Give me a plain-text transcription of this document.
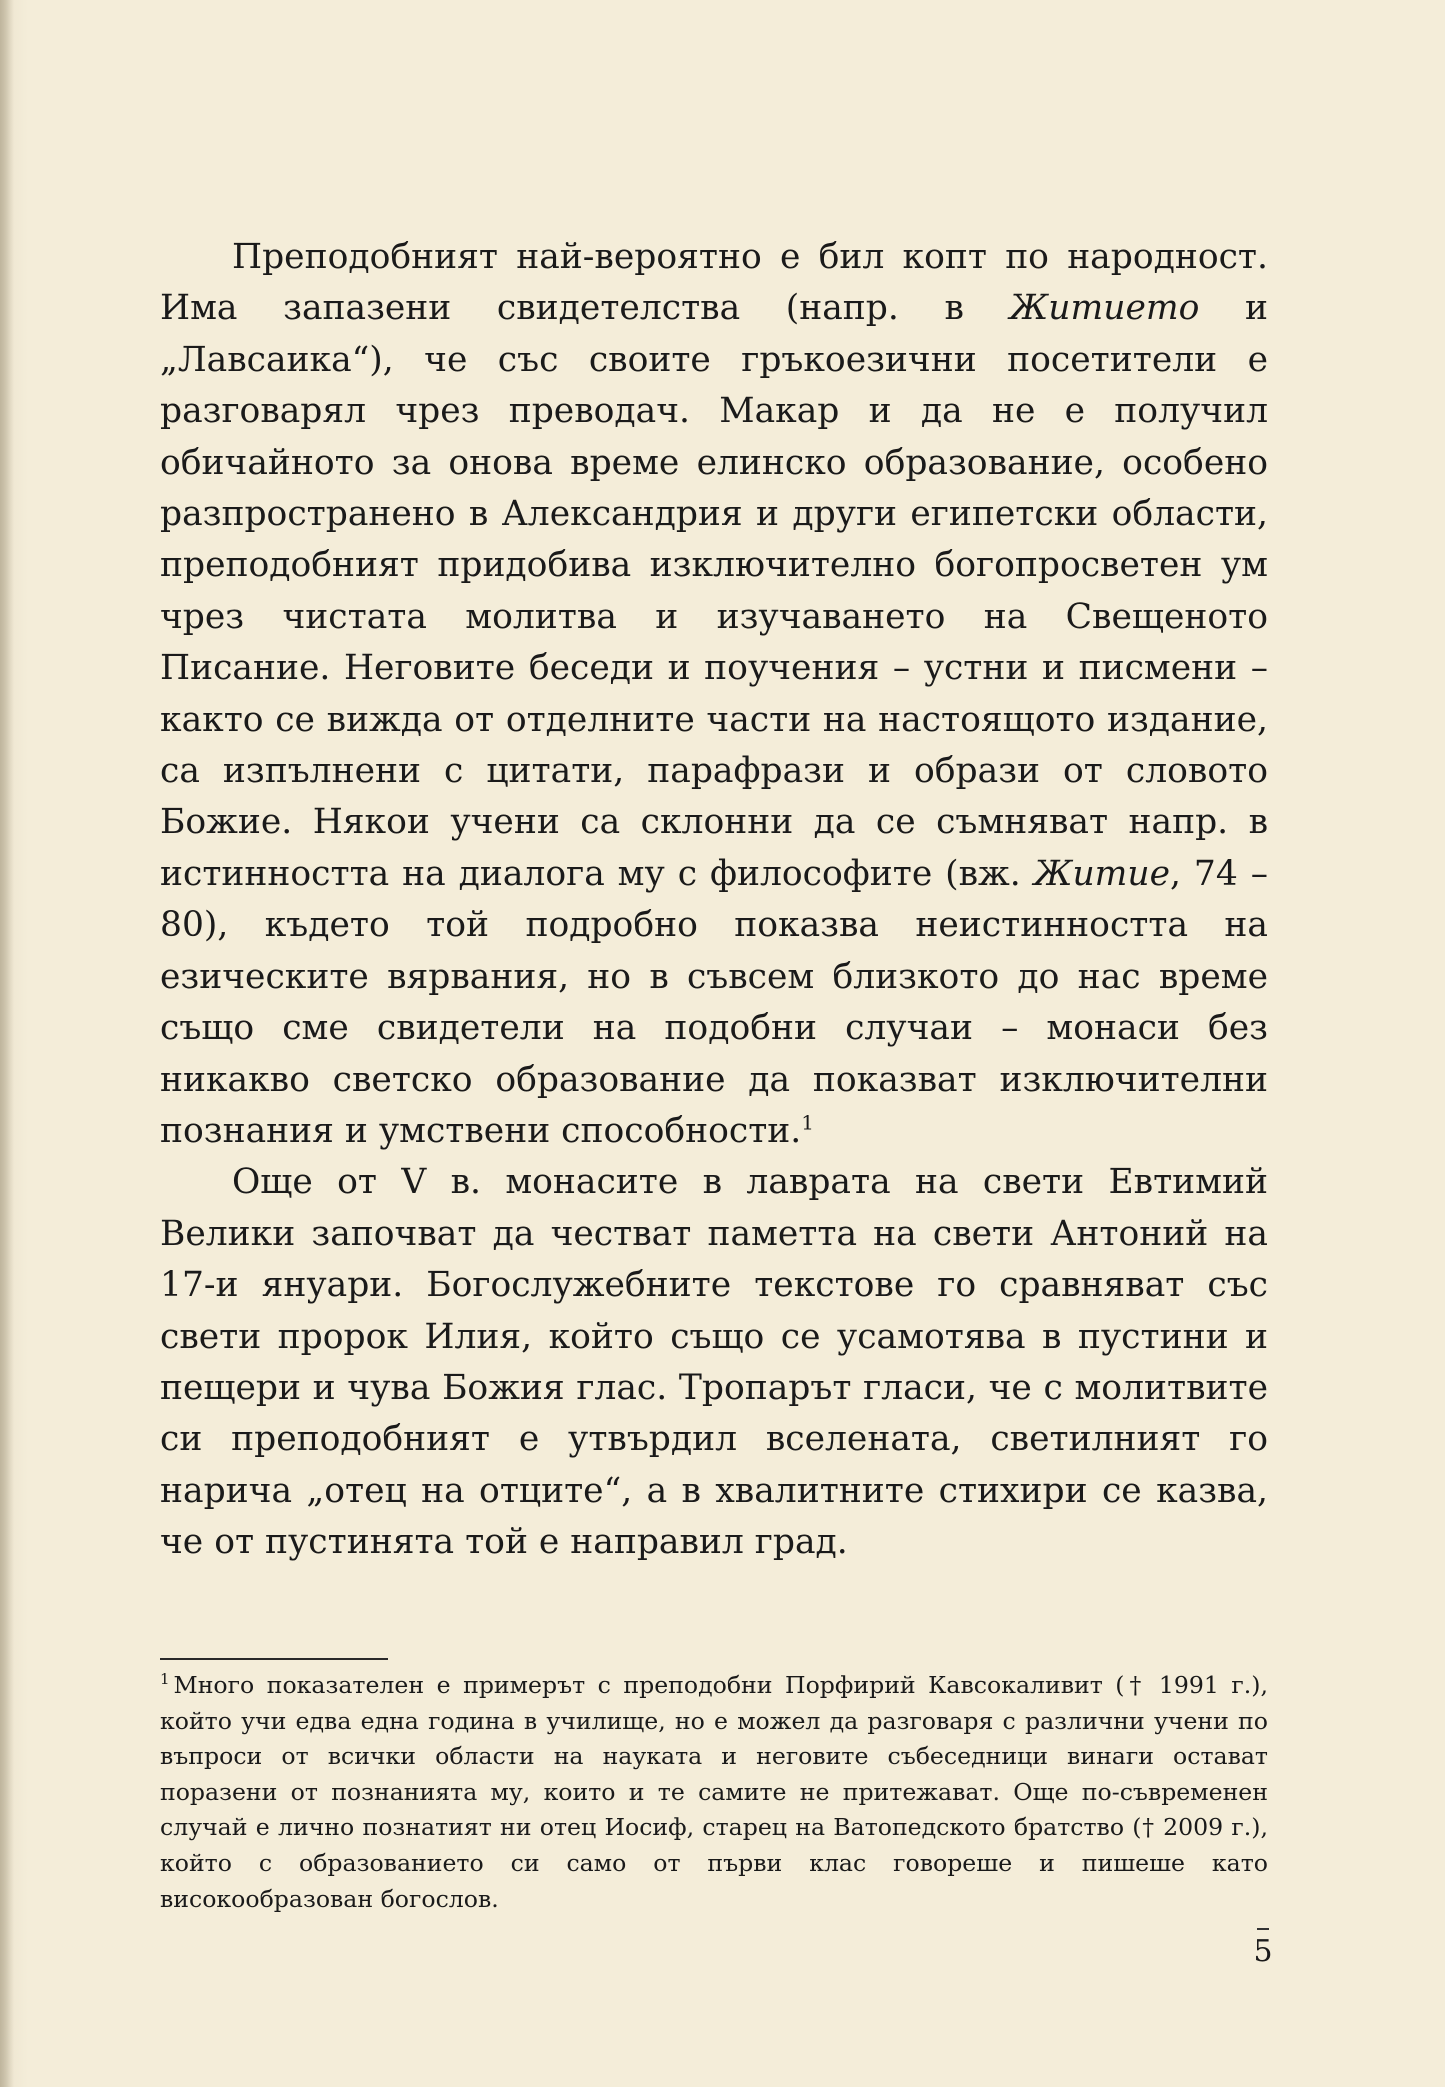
Преподобният най-вероятно е бил копт по народност. Има запазени свидетелства (напр. в Житието и „Лавсаика“), че със своите гръкоезични посетители е разговарял чрез преводач. Макар и да не е получил обичайното за онова време елинско образование, особено разпространено в Александрия и други египетски области, преподобният придобива изключително богопросветен ум чрез чистата молитва и изучаването на Свещеното Писание. Неговите беседи и поучения – устни и писмени – както се вижда от отделните части на настоящото издание, са изпълнени с цитати, парафрази и образи от словото Божие. Някои учени са склонни да се съмняват напр. в истинността на диалога му с философите (вж. Житие, 74 – 80), където той подробно показва неистинността на езическите вярвания, но в съвсем близкото до нас време също сме свидетели на подобни случаи – монаси без никакво светско образование да показват изключителни познания и умствени способности.$^1$

Още от V в. монасите в лаврата на свети Евтимий Велики започват да честват паметта на свети Антоний на 17-и януари. Богослужебните текстове го сравняват със свети пророк Илия, който също се усамотява в пустини и пещери и чува Божия глас. Тропарът гласи, че с молитвите си преподобният е утвърдил вселената, светилният го нарича „отец на отците“, а в хвалитните стихири се казва, че от пустинята той е направил град.

$^1$ Много показателен е примерът с преподобни Порфирий Кавсокаливит († 1991 г.), който учи едва една година в училище, но е можел да разговаря с различни учени по въпроси от всички области на науката и неговите събеседници винаги остават поразени от познанията му, които и те самите не притежават. Още по-съвременен случай е лично познатият ни отец Иосиф, старец на Ватопедското братство († 2009 г.), който с образованието си само от първи клас говореше и пишеше като високообразован богослов.
5
